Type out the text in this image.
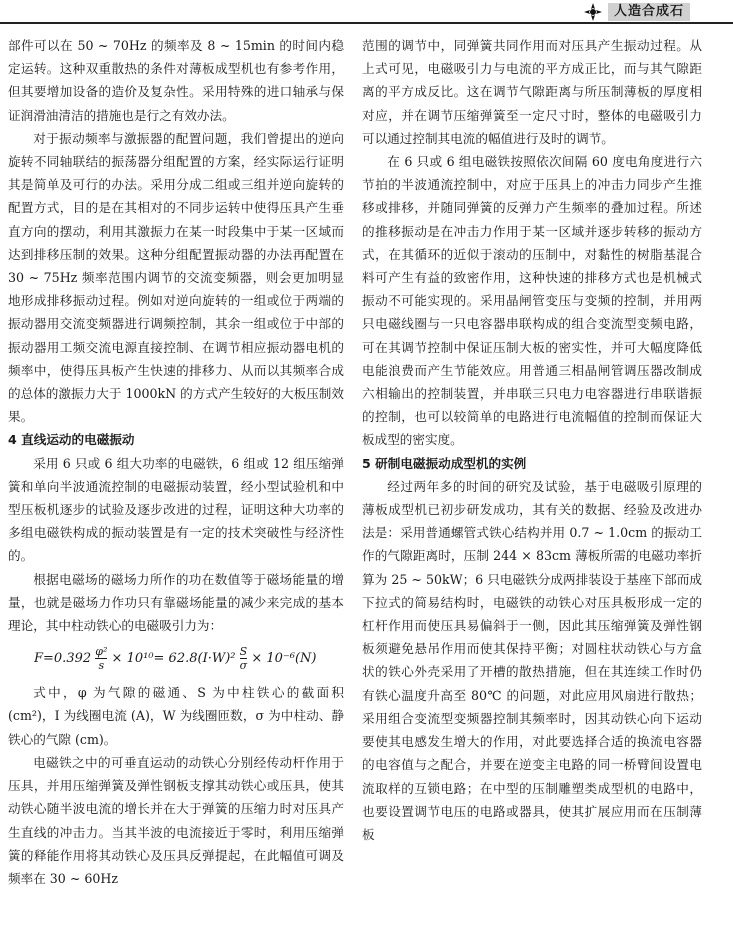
人造合成石

部件可以在 50 ~ 70Hz 的频率及 8 ~ 15min 的时间内稳定运转。这种双重散热的条件对薄板成型机也有参考作用，但其要增加设备的造价及复杂性。采用特殊的进口轴承与保证润滑油清洁的措施也是行之有效办法。

对于振动频率与激振器的配置问题，我们曾提出的逆向旋转不同轴联结的振荡器分组配置的方案，经实际运行证明其是简单及可行的办法。采用分成二组或三组并逆向旋转的配置方式，目的是在其相对的不同步运转中使得压具产生垂直方向的摆动，利用其激振力在某一时段集中于某一区域而达到排移压制的效果。这种分组配置振动器的办法再配置在 30 ~ 75Hz 频率范围内调节的交流变频器，则会更加明显地形成排移振动过程。例如对逆向旋转的一组或位于两端的振动器用交流变频器进行调频控制，其余一组或位于中部的振动器用工频交流电源直接控制、在调节相应振动器电机的频率中，使得压具板产生快速的排移力、从而以其频率合成的总体的激振力大于 1000kN 的方式产生较好的大板压制效果。

4 直线运动的电磁振动

采用 6 只或 6 组大功率的电磁铁，6 组或 12 组压缩弹簧和单向半波通流控制的电磁振动装置，经小型试验机和中型压板机逐步的试验及逐步改进的过程，证明这种大功率的多组电磁铁构成的振动装置是有一定的技术突破性与经济性的。

根据电磁场的磁场力所作的功在数值等于磁场能量的增量，也就是磁场力作功只有靠磁场能量的减少来完成的基本理论，其中柱动铁心的电磁吸引力为：

$F=0.392 \frac{\text{φ²}}{s} \times 10^{10}= 62.8(I\cdot W)^2 \frac{S}{\sigma} \times 10^{-6}(N)$

式中，φ 为气隙的磁通、S 为中柱铁心的截面积 (cm²)，I 为线圈电流 (A)，W 为线圈匝数，σ 为中柱动、静铁心的气隙 (cm)。

电磁铁之中的可垂直运动的动铁心分别经传动杆作用于压具，并用压缩弹簧及弹性钢板支撑其动铁心或压具，使其动铁心随半波电流的增长并在大于弹簧的压缩力时对压具产生直线的冲击力。当其半波的电流接近于零时，利用压缩弹簧的释能作用将其动铁心及压具反弹提起，在此幅值可调及频率在 30 ~ 60Hz

范围的调节中，同弹簧共同作用而对压具产生振动过程。从上式可见，电磁吸引力与电流的平方成正比，而与其气隙距离的平方成反比。这在调节气隙距离与所压制薄板的厚度相对应，并在调节压缩弹簧至一定尺寸时，整体的电磁吸引力可以通过控制其电流的幅值进行及时的调节。

在 6 只或 6 组电磁铁按照依次间隔 60 度电角度进行六节拍的半波通流控制中，对应于压具上的冲击力同步产生推移或排移，并随同弹簧的反弹力产生频率的叠加过程。所述的推移振动是在冲击力作用于某一区域并逐步转移的振动方式，在其循环的近似于滚动的压制中，对黏性的树脂基混合料可产生有益的致密作用，这种快速的排移方式也是机械式振动不可能实现的。采用晶闸管变压与变频的控制，并用两只电磁线圈与一只电容器串联构成的组合变流型变频电路，可在其调节控制中保证压制大板的密实性，并可大幅度降低电能浪费而产生节能效应。用普通三相晶闸管调压器改制成六相输出的控制装置，并串联三只电力电容器进行串联谐振的控制，也可以较简单的电路进行电流幅值的控制而保证大板成型的密实度。

5 研制电磁振动成型机的实例

经过两年多的时间的研究及试验，基于电磁吸引原理的薄板成型机已初步研发成功，其有关的数据、经验及改进办法是：采用普通螺管式铁心结构并用 0.7 ~ 1.0cm 的振动工作的气隙距离时，压制 244 × 83cm 薄板所需的电磁功率折算为 25 ~ 50kW；6 只电磁铁分成两排装设于基座下部而成下拉式的简易结构时，电磁铁的动铁心对压具板形成一定的杠杆作用而使压具易偏斜于一侧，因此其压缩弹簧及弹性钢板须避免悬吊作用而使其保持平衡；对圆柱状动铁心与方盒状的铁心外壳采用了开槽的散热措施，但在其连续工作时仍有铁心温度升高至 80℃ 的问题，对此应用风扇进行散热；采用组合变流型变频器控制其频率时，因其动铁心向下运动要使其电感发生增大的作用，对此要选择合适的换流电容器的电容值与之配合，并要在逆变主电路的同一桥臂间设置电流取样的互锁电路；在中型的压制雕塑类成型机的电路中，也要设置调节电压的电路或器具，使其扩展应用而在压制薄板
